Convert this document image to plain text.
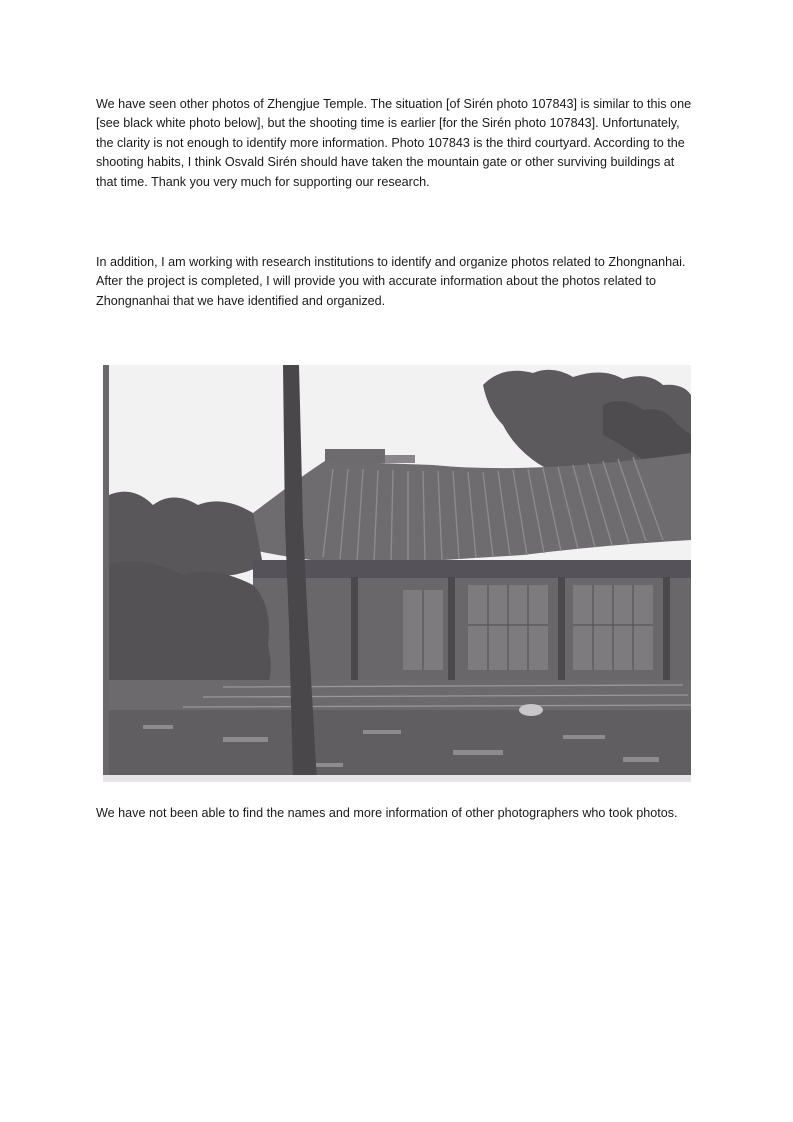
We have seen other photos of Zhengjue Temple. The situation [of Sirén photo 107843] is similar to this one [see black white photo below], but the shooting time is earlier [for the Sirén photo 107843]. Unfortunately, the clarity is not enough to identify more information. Photo 107843 is the third courtyard. According to the shooting habits, I think Osvald Sirén should have taken the mountain gate or other surviving buildings at that time. Thank you very much for supporting our research.

In addition, I am working with research institutions to identify and organize photos related to Zhongnanhai. After the project is completed, I will provide you with accurate information about the photos related to Zhongnanhai that we have identified and organized.

We have not been able to find the names and more information of other photographers who took photos.
